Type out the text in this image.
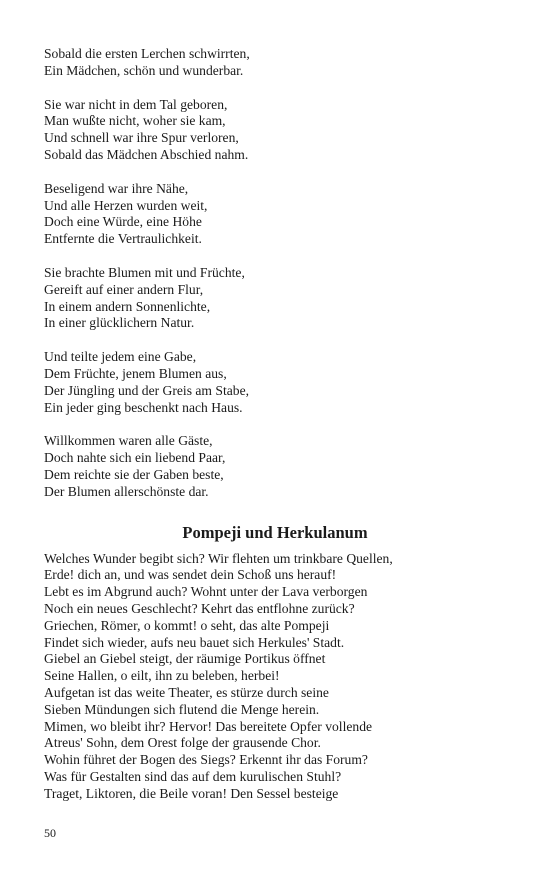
Sobald die ersten Lerchen schwirrten,
Ein Mädchen, schön und wunderbar.
Sie war nicht in dem Tal geboren,
Man wußte nicht, woher sie kam,
Und schnell war ihre Spur verloren,
Sobald das Mädchen Abschied nahm.
Beseligend war ihre Nähe,
Und alle Herzen wurden weit,
Doch eine Würde, eine Höhe
Entfernte die Vertraulichkeit.
Sie brachte Blumen mit und Früchte,
Gereift auf einer andern Flur,
In einem andern Sonnenlichte,
In einer glücklichern Natur.
Und teilte jedem eine Gabe,
Dem Früchte, jenem Blumen aus,
Der Jüngling und der Greis am Stabe,
Ein jeder ging beschenkt nach Haus.
Willkommen waren alle Gäste,
Doch nahte sich ein liebend Paar,
Dem reichte sie der Gaben beste,
Der Blumen allerschönste dar.
Pompeji und Herkulanum
Welches Wunder begibt sich? Wir flehten um trinkbare Quellen,
Erde! dich an, und was sendet dein Schoß uns herauf!
Lebt es im Abgrund auch? Wohnt unter der Lava verborgen
Noch ein neues Geschlecht? Kehrt das entflohne zurück?
Griechen, Römer, o kommt! o seht, das alte Pompeji
Findet sich wieder, aufs neu bauet sich Herkules' Stadt.
Giebel an Giebel steigt, der räumige Portikus öffnet
Seine Hallen, o eilt, ihn zu beleben, herbei!
Aufgetan ist das weite Theater, es stürze durch seine
Sieben Mündungen sich flutend die Menge herein.
Mimen, wo bleibt ihr? Hervor! Das bereitete Opfer vollende
Atreus' Sohn, dem Orest folge der grausende Chor.
Wohin führet der Bogen des Siegs? Erkennt ihr das Forum?
Was für Gestalten sind das auf dem kurulischen Stuhl?
Traget, Liktoren, die Beile voran! Den Sessel besteige
50
